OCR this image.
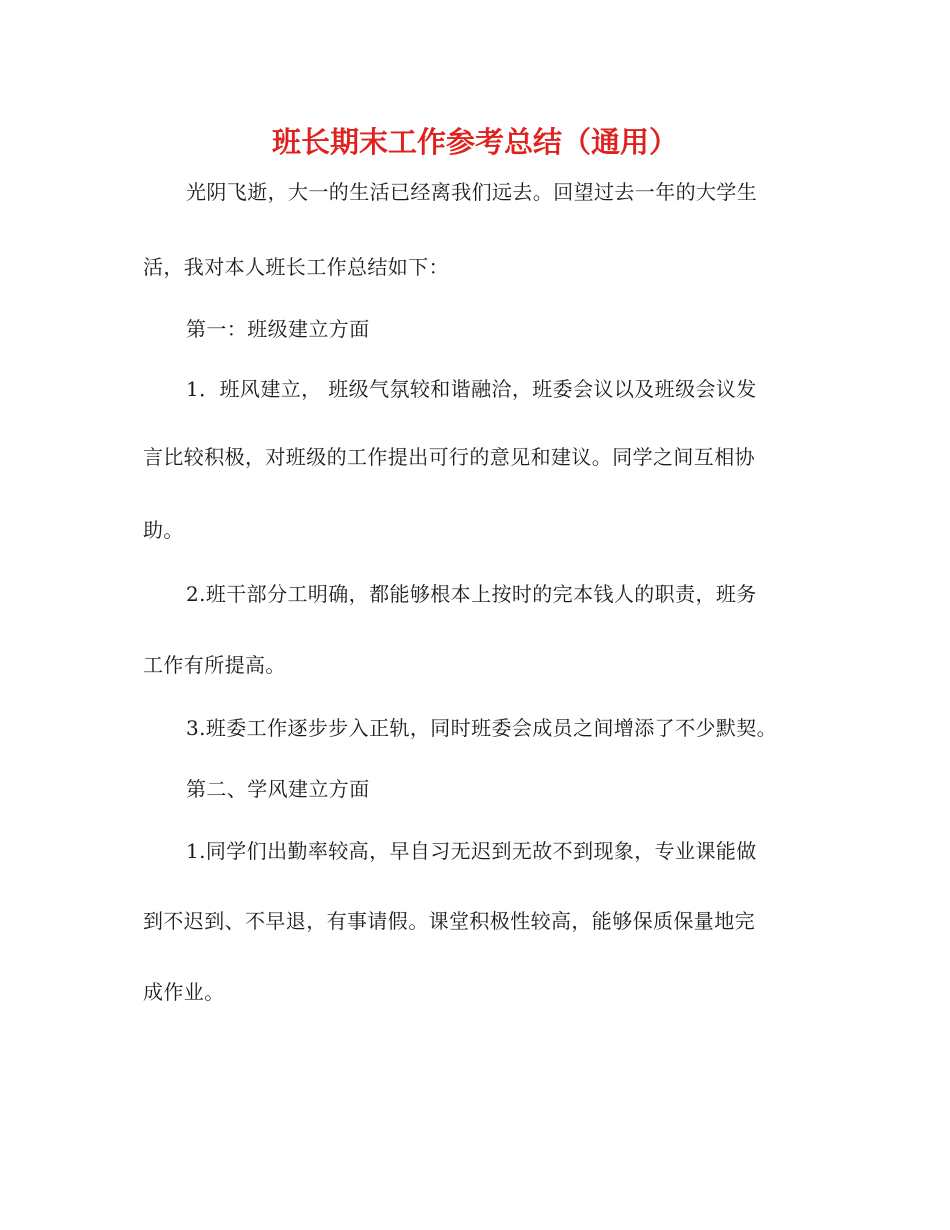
班长期末工作参考总结（通用）
光阴飞逝，大一的生活已经离我们远去。回望过去一年的大学生
活，我对本人班长工作总结如下：
第一：班级建立方面
1．班风建立， 班级气氛较和谐融洽，班委会议以及班级会议发
言比较积极，对班级的工作提出可行的意见和建议。同学之间互相协
助。
2.班干部分工明确，都能够根本上按时的完本钱人的职责，班务
工作有所提高。
3.班委工作逐步步入正轨，同时班委会成员之间增添了不少默契。
第二、学风建立方面
1.同学们出勤率较高，早自习无迟到无故不到现象，专业课能做
到不迟到、不早退，有事请假。课堂积极性较高，能够保质保量地完
成作业。
